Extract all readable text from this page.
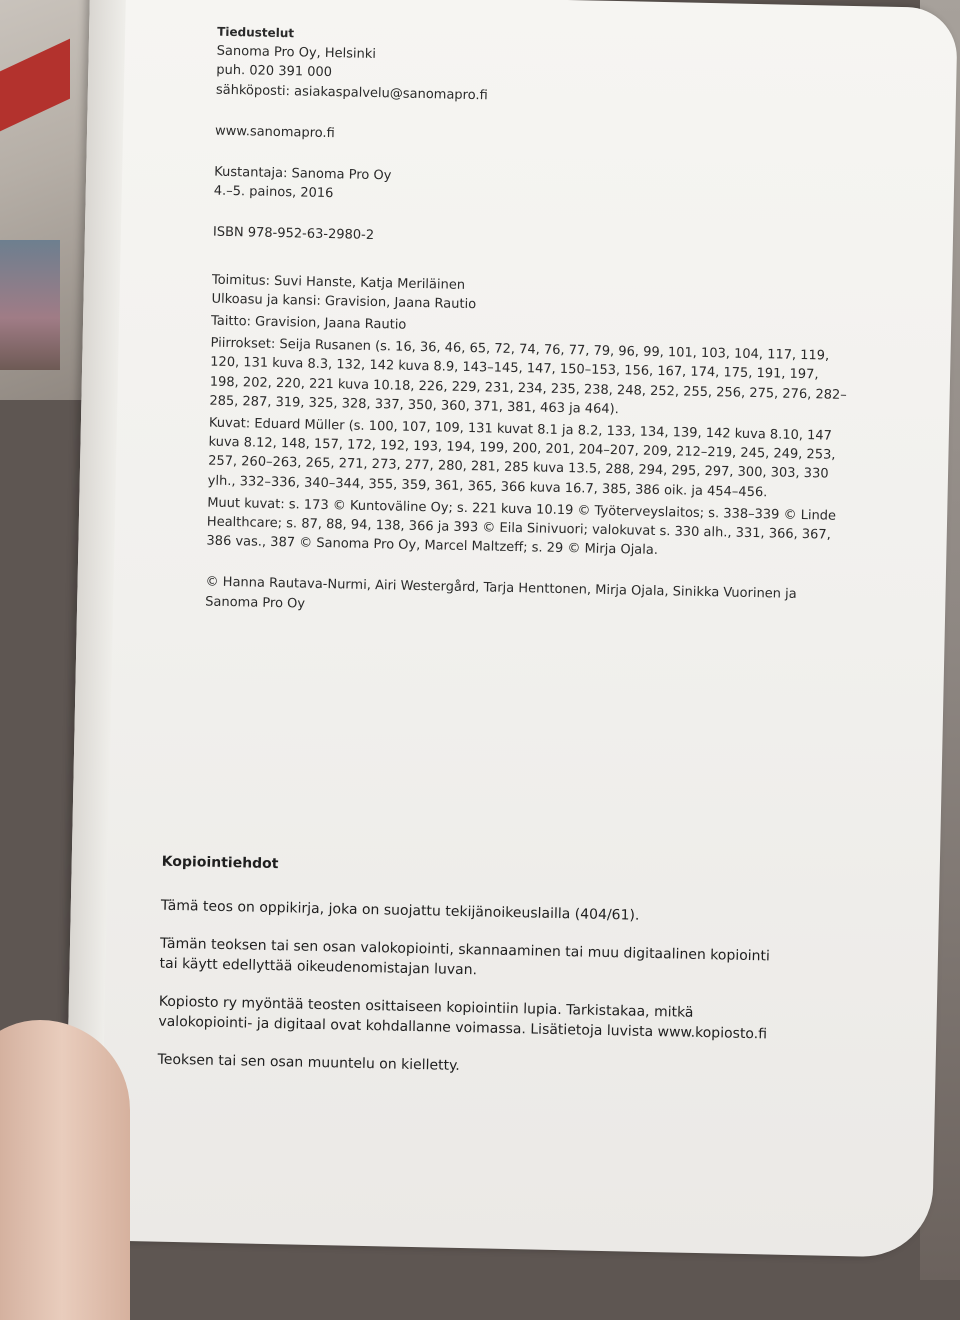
Tiedustelut

Sanoma Pro Oy, Helsinki

puh. 020 391 000

sähköposti: asiakaspalvelu@sanomapro.fi

www.sanomapro.fi

Kustantaja: Sanoma Pro Oy

4.–5. painos, 2016

ISBN 978-952-63-2980-2

Toimitus: Suvi Hanste, Katja Meriläinen

Ulkoasu ja kansi: Gravision, Jaana Rautio

Taitto: Gravision, Jaana Rautio

Piirrokset: Seija Rusanen (s. 16, 36, 46, 65, 72, 74, 76, 77, 79, 96, 99, 101, 103, 104, 117, 119, 120, 131 kuva 8.3, 132, 142 kuva 8.9, 143–145, 147, 150–153, 156, 167, 174, 175, 191, 197, 198, 202, 220, 221 kuva 10.18, 226, 229, 231, 234, 235, 238, 248, 252, 255, 256, 275, 276, 282–285, 287, 319, 325, 328, 337, 350, 360, 371, 381, 463 ja 464).

Kuvat: Eduard Müller (s. 100, 107, 109, 131 kuvat 8.1 ja 8.2, 133, 134, 139, 142 kuva 8.10, 147 kuva 8.12, 148, 157, 172, 192, 193, 194, 199, 200, 201, 204–207, 209, 212–219, 245, 249, 253, 257, 260–263, 265, 271, 273, 277, 280, 281, 285 kuva 13.5, 288, 294, 295, 297, 300, 303, 330 ylh., 332–336, 340–344, 355, 359, 361, 365, 366 kuva 16.7, 385, 386 oik. ja 454–456.

Muut kuvat: s. 173 © Kuntoväline Oy; s. 221 kuva 10.19 © Työterveyslaitos; s. 338–339 © Linde Healthcare; s. 87, 88, 94, 138, 366 ja 393 © Eila Sinivuori; valokuvat s. 330 alh., 331, 366, 367, 386 vas., 387 © Sanoma Pro Oy, Marcel Maltzeff; s. 29 © Mirja Ojala.

© Hanna Rautava-Nurmi, Airi Westergård, Tarja Henttonen, Mirja Ojala, Sinikka Vuorinen ja Sanoma Pro Oy

Kopiointiehdot

Tämä teos on oppikirja, joka on suojattu tekijänoikeuslailla (404/61).

Tämän teoksen tai sen osan valokopiointi, skannaaminen tai muu digitaalinen kopiointi tai käytt edellyttää oikeudenomistajan luvan.

Kopiosto ry myöntää teosten osittaiseen kopiointiin lupia. Tarkistakaa, mitkä valokopiointi- ja digitaal ovat kohdallanne voimassa. Lisätietoja luvista www.kopiosto.fi

Teoksen tai sen osan muuntelu on kielletty.
